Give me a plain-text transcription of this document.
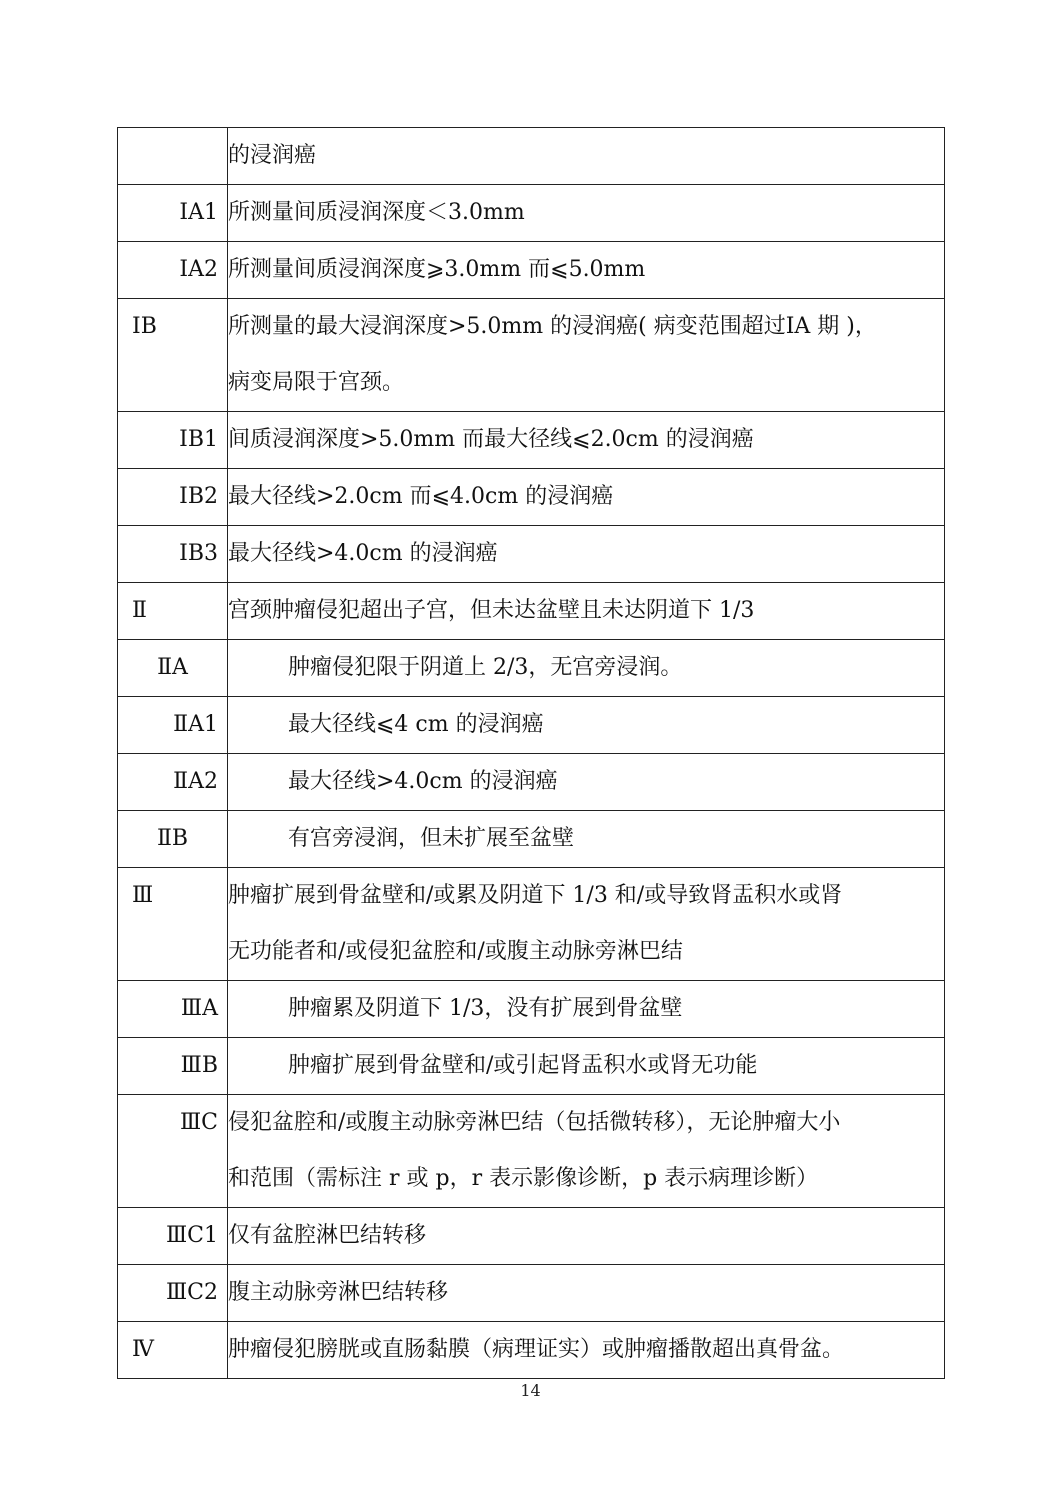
	的浸润癌
ⅠA1	所测量间质浸润深度＜3.0mm
ⅠA2	所测量间质浸润深度⩾3.0mm 而⩽5.0mm
ⅠB	所测量的最大浸润深度>5.0mm 的浸润癌( 病变范围超过ⅠA 期 )，
病变局限于宫颈。

ⅠB1	间质浸润深度>5.0mm 而最大径线⩽2.0cm 的浸润癌
ⅠB2	最大径线>2.0cm 而⩽4.0cm 的浸润癌
ⅠB3	最大径线>4.0cm 的浸润癌
Ⅱ	宫颈肿瘤侵犯超出子宫，但未达盆壁且未达阴道下 1/3
ⅡA	肿瘤侵犯限于阴道上 2/3，无宫旁浸润。
ⅡA1	最大径线⩽4 cm 的浸润癌
ⅡA2	最大径线>4.0cm 的浸润癌
ⅡB	有宫旁浸润，但未扩展至盆壁
Ⅲ	肿瘤扩展到骨盆壁和/或累及阴道下 1/3 和/或导致肾盂积水或肾
无功能者和/或侵犯盆腔和/或腹主动脉旁淋巴结

ⅢA	肿瘤累及阴道下 1/3，没有扩展到骨盆壁
ⅢB	肿瘤扩展到骨盆壁和/或引起肾盂积水或肾无功能
ⅢC	侵犯盆腔和/或腹主动脉旁淋巴结（包括微转移），无论肿瘤大小
和范围（需标注 r 或 p，r 表示影像诊断，p 表示病理诊断）

ⅢC1	仅有盆腔淋巴结转移
ⅢC2	腹主动脉旁淋巴结转移
Ⅳ	肿瘤侵犯膀胱或直肠黏膜（病理证实）或肿瘤播散超出真骨盆。
14
